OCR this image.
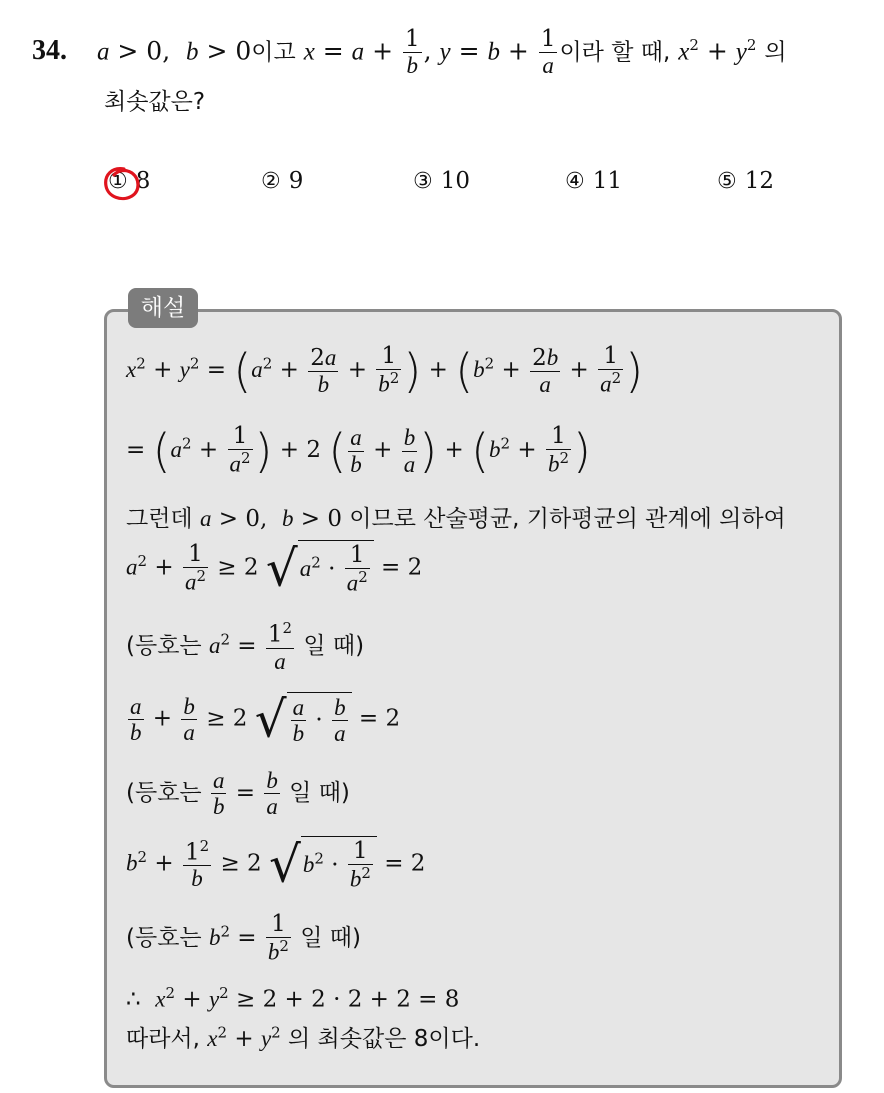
34. a > 0,  b > 0이고 $x = a + \frac{1}{b}$ , $y = b + \frac{1}{a}$ 이라 할 때, $x^2 + y^2$ 의
최솟값은?
① 8	② 9	③ 10	④ 11	⑤ 12
해설
$x^2 + y^2 = (a^2 + \frac{2a}{b} + \frac{1}{b^2}$ ) + ($b^2 + \frac{2b}{a} + \frac{1}{a^2}$ )
= ($a^2 + \frac{1}{a^2}$ ) + 2 ( $\frac{a}{b} + \frac{b}{a}$ ) + ($b^2 + \frac{1}{b^2}$ )
그런데 a > 0,  b > 0 이므로 산술평균, 기하평균의 관계에 의하여
$a^2 + \frac{1}{a^2} \ge 2$ $√a^2 \cdot \frac{1}{a^2} = 2$
(등호는 $a^2 = \frac{1^2}{a}$ 일 때)
$\frac{a}{b} + \frac{b}{a} \ge 2$ √ $\frac{a}{b} \cdot \frac{b}{a} = 2$
(등호는 $\frac{a}{b} = \frac{b}{a}$ 일 때)
$b^2 + \frac{1^2}{b} \ge 2$ $√b^2 \cdot \frac{1}{b^2} = 2$
(등호는 $b^2 = \frac{1}{b^2}$ 일 때)
∴  $x^2 + y^2 \ge 2 + 2 \cdot 2 + 2 = 8$
따라서, $x^2 + y^2$ 의 최솟값은 8이다.
